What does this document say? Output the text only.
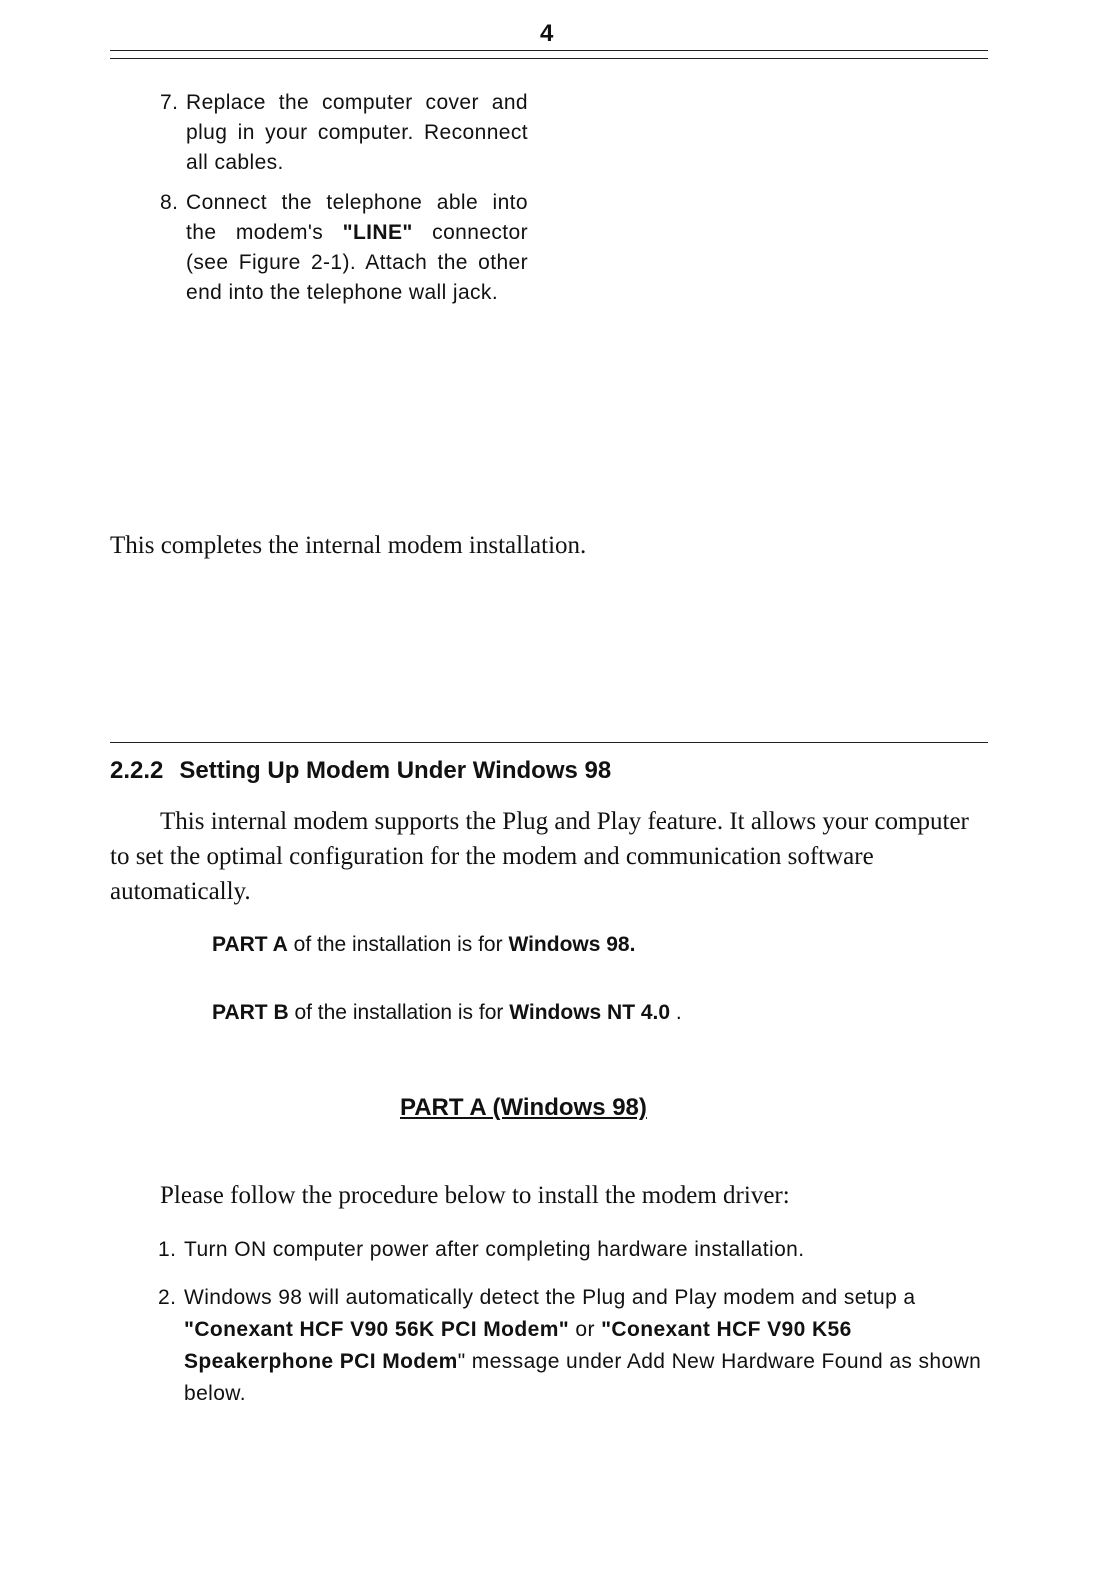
4
7. Replace the computer cover and plug in your computer. Reconnect all cables.
8. Connect the telephone able into the modem's "LINE" connector (see Figure 2-1). Attach the other end into the telephone wall jack.
This completes the internal modem installation.
2.2.2 Setting Up Modem Under Windows 98
This internal modem supports the Plug and Play feature. It allows your computer to set the optimal configuration for the modem and communication software automatically.
PART A of the installation is for Windows 98.
PART B of the installation is for Windows NT 4.0 .
PART A (Windows 98)
Please follow the procedure below to install the modem driver:
1. Turn ON computer power after completing hardware installation.
2. Windows 98 will automatically detect the Plug and Play modem and setup a "Conexant HCF V90 56K PCI Modem" or "Conexant HCF V90 K56 Speakerphone PCI Modem" message under Add New Hardware Found as shown below.
